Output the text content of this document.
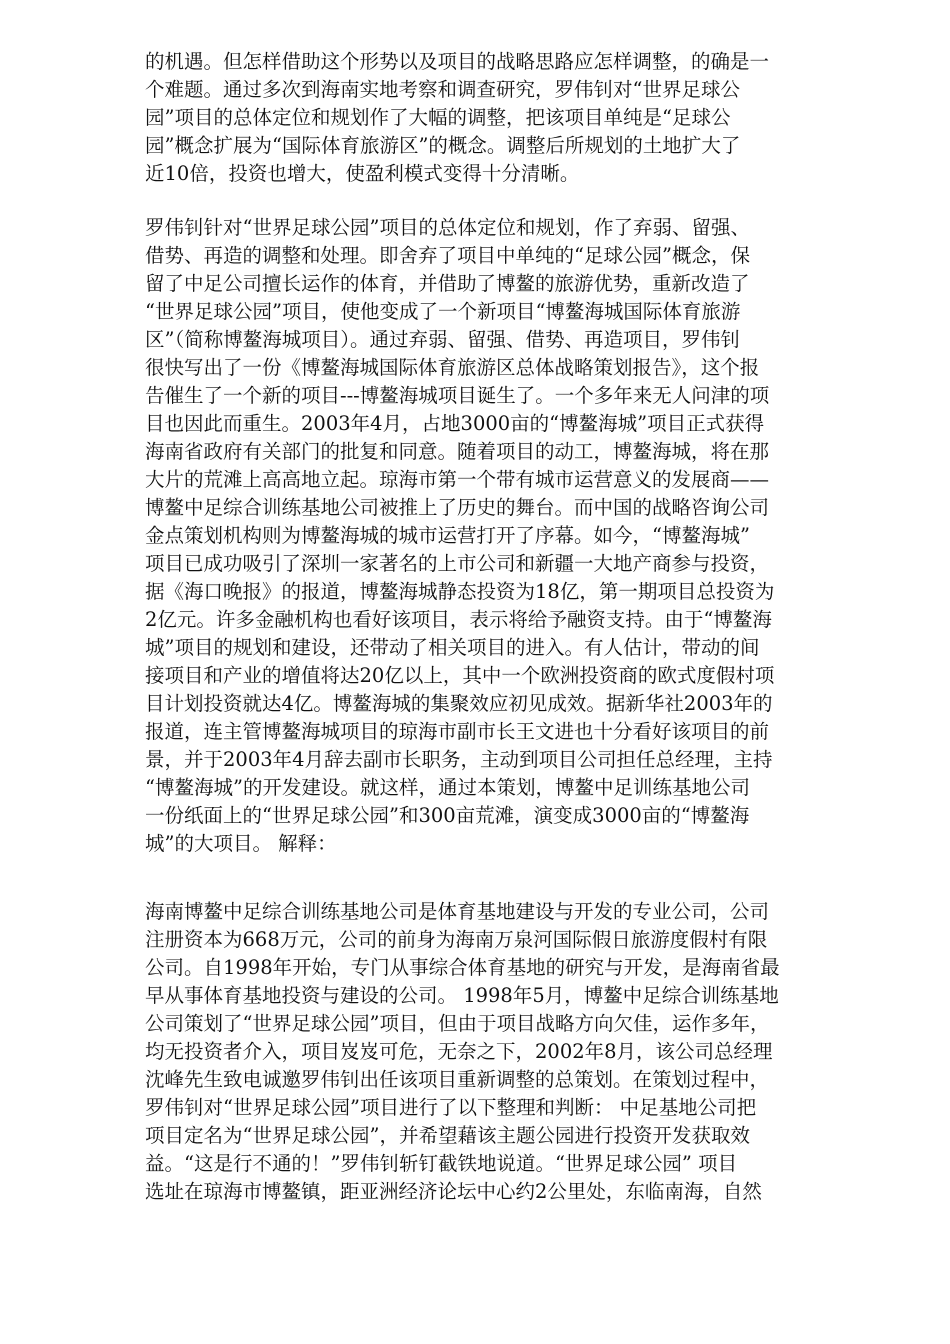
的机遇。但怎样借助这个形势以及项目的战略思路应怎样调整，的确是一
个难题。通过多次到海南实地考察和调查研究，罗伟钊对“世界足球公
园”项目的总体定位和规划作了大幅的调整，把该项目单纯是“足球公
园”概念扩展为“国际体育旅游区”的概念。调整后所规划的土地扩大了
近10倍，投资也增大，使盈利模式变得十分清晰。
罗伟钊针对“世界足球公园”项目的总体定位和规划，作了弃弱、留强、
借势、再造的调整和处理。即舍弃了项目中单纯的“足球公园”概念，保
留了中足公司擅长运作的体育，并借助了博鳌的旅游优势，重新改造了
“世界足球公园”项目，使他变成了一个新项目“博鳌海城国际体育旅游
区”（简称博鳌海城项目）。通过弃弱、留强、借势、再造项目，罗伟钊
很快写出了一份《博鳌海城国际体育旅游区总体战略策划报告》，这个报
告催生了一个新的项目---博鳌海城项目诞生了。一个多年来无人问津的项
目也因此而重生。2003年4月，占地3000亩的“博鳌海城”项目正式获得
海南省政府有关部门的批复和同意。随着项目的动工，博鳌海城，将在那
大片的荒滩上高高地立起。琼海市第一个带有城市运营意义的发展商——
博鳌中足综合训练基地公司被推上了历史的舞台。而中国的战略咨询公司
金点策划机构则为博鳌海城的城市运营打开了序幕。如今，“博鳌海城”
项目已成功吸引了深圳一家著名的上市公司和新疆一大地产商参与投资，
据《海口晚报》的报道，博鳌海城静态投资为18亿，第一期项目总投资为
2亿元。许多金融机构也看好该项目，表示将给予融资支持。由于“博鳌海
城”项目的规划和建设，还带动了相关项目的进入。有人估计，带动的间
接项目和产业的增值将达20亿以上，其中一个欧洲投资商的欧式度假村项
目计划投资就达4亿。博鳌海城的集聚效应初见成效。据新华社2003年的
报道，连主管博鳌海城项目的琼海市副市长王文进也十分看好该项目的前
景，并于2003年4月辞去副市长职务，主动到项目公司担任总经理，主持
“博鳌海城”的开发建设。就这样，通过本策划，博鳌中足训练基地公司
一份纸面上的“世界足球公园”和300亩荒滩，演变成3000亩的“博鳌海
城”的大项目。 解释：
海南博鳌中足综合训练基地公司是体育基地建设与开发的专业公司，公司
注册资本为668万元，公司的前身为海南万泉河国际假日旅游度假村有限
公司。自1998年开始，专门从事综合体育基地的研究与开发，是海南省最
早从事体育基地投资与建设的公司。 1998年5月，博鳌中足综合训练基地
公司策划了“世界足球公园”项目，但由于项目战略方向欠佳，运作多年，
均无投资者介入，项目岌岌可危，无奈之下，2002年8月，该公司总经理
沈峰先生致电诚邀罗伟钊出任该项目重新调整的总策划。在策划过程中，
罗伟钊对“世界足球公园”项目进行了以下整理和判断： 中足基地公司把
项目定名为“世界足球公园”，并希望藉该主题公园进行投资开发获取效
益。“这是行不通的！”罗伟钊斩钉截铁地说道。“世界足球公园” 项目
选址在琼海市博鳌镇，距亚洲经济论坛中心约2公里处，东临南海，自然
